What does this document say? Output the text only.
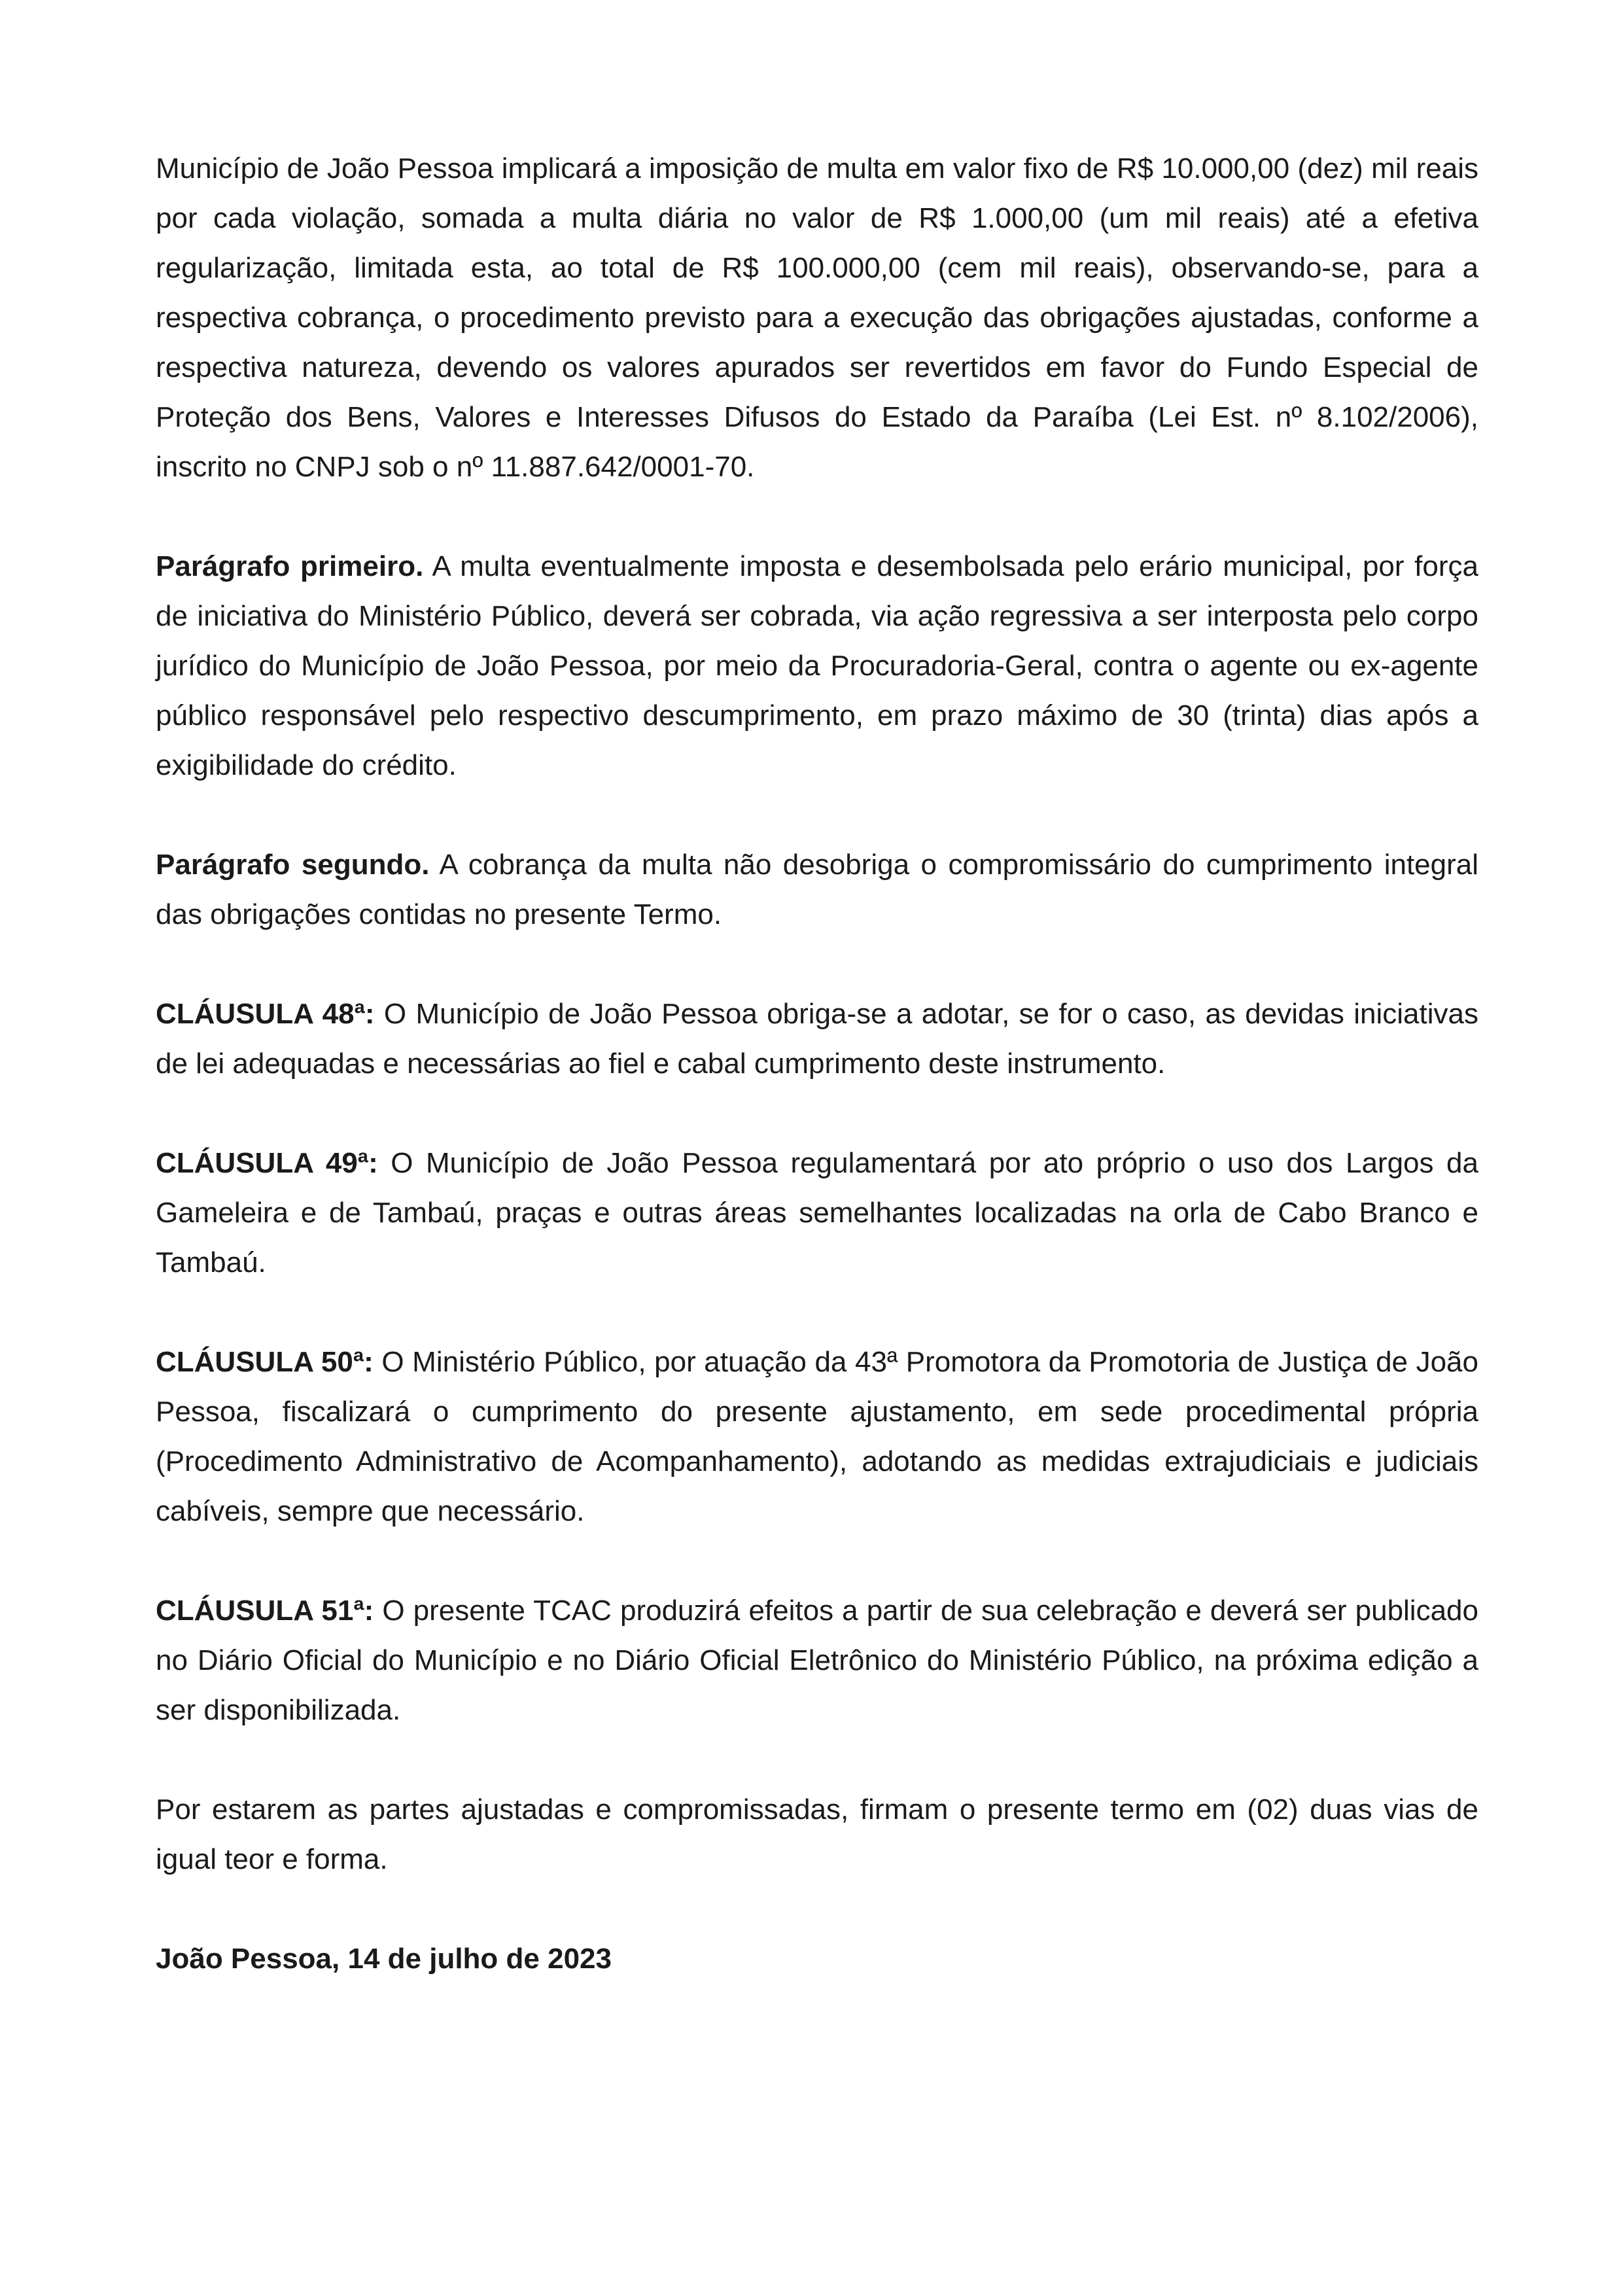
Município de João Pessoa implicará a imposição de multa em valor fixo de R$ 10.000,00 (dez) mil reais por cada violação, somada a multa diária no valor de R$ 1.000,00 (um mil reais) até a efetiva regularização, limitada esta, ao total de R$ 100.000,00 (cem mil reais), observando-se, para a respectiva cobrança, o procedimento previsto para a execução das obrigações ajustadas, conforme a respectiva natureza, devendo os valores apurados ser revertidos em favor do Fundo Especial de Proteção dos Bens, Valores e Interesses Difusos do Estado da Paraíba (Lei Est. nº 8.102/2006), inscrito no CNPJ sob o nº 11.887.642/0001-70.

Parágrafo primeiro. A multa eventualmente imposta e desembolsada pelo erário municipal, por força de iniciativa do Ministério Público, deverá ser cobrada, via ação regressiva a ser interposta pelo corpo jurídico do Município de João Pessoa, por meio da Procuradoria-Geral, contra o agente ou ex-agente público responsável pelo respectivo descumprimento, em prazo máximo de 30 (trinta) dias após a exigibilidade do crédito.

Parágrafo segundo. A cobrança da multa não desobriga o compromissário do cumprimento integral das obrigações contidas no presente Termo.

CLÁUSULA 48ª: O Município de João Pessoa obriga-se a adotar, se for o caso, as devidas iniciativas de lei adequadas e necessárias ao fiel e cabal cumprimento deste instrumento.

CLÁUSULA 49ª: O Município de João Pessoa regulamentará por ato próprio o uso dos Largos da Gameleira e de Tambaú, praças e outras áreas semelhantes localizadas na orla de Cabo Branco e Tambaú.

CLÁUSULA 50ª: O Ministério Público, por atuação da 43ª Promotora da Promotoria de Justiça de João Pessoa, fiscalizará o cumprimento do presente ajustamento, em sede procedimental própria (Procedimento Administrativo de Acompanhamento), adotando as medidas extrajudiciais e judiciais cabíveis, sempre que necessário.

CLÁUSULA 51ª: O presente TCAC produzirá efeitos a partir de sua celebração e deverá ser publicado no Diário Oficial do Município e no Diário Oficial Eletrônico do Ministério Público, na próxima edição a ser disponibilizada.

Por estarem as partes ajustadas e compromissadas, firmam o presente termo em (02) duas vias de igual teor e forma.

João Pessoa, 14 de julho de 2023
